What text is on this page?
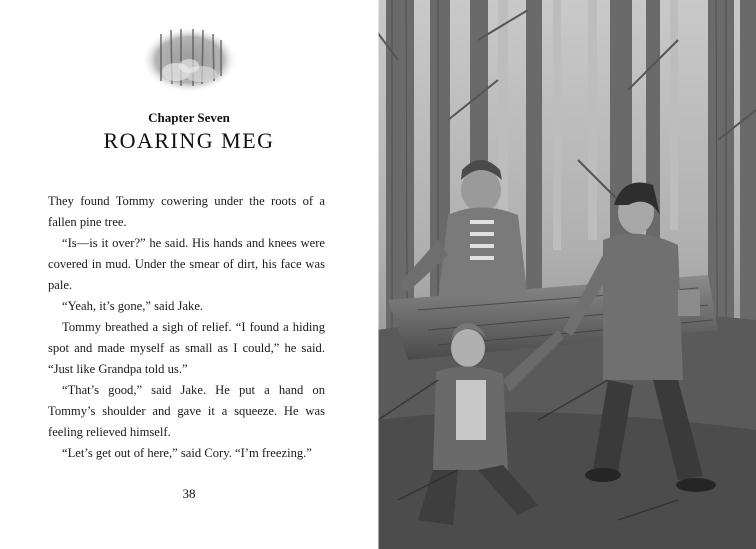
Chapter Seven
ROARING MEG

They found Tommy cowering under the roots of a fallen pine tree.

“Is—is it over?” he said. His hands and knees were covered in mud. Under the smear of dirt, his face was pale.

“Yeah, it’s gone,” said Jake.

Tommy breathed a sigh of relief. “I found a hiding spot and made myself as small as I could,” he said. “Just like Grandpa told us.”

“That’s good,” said Jake. He put a hand on Tommy’s shoulder and gave it a squeeze. He was feeling relieved himself.

“Let’s get out of here,” said Cory. “I’m freezing.”

38
